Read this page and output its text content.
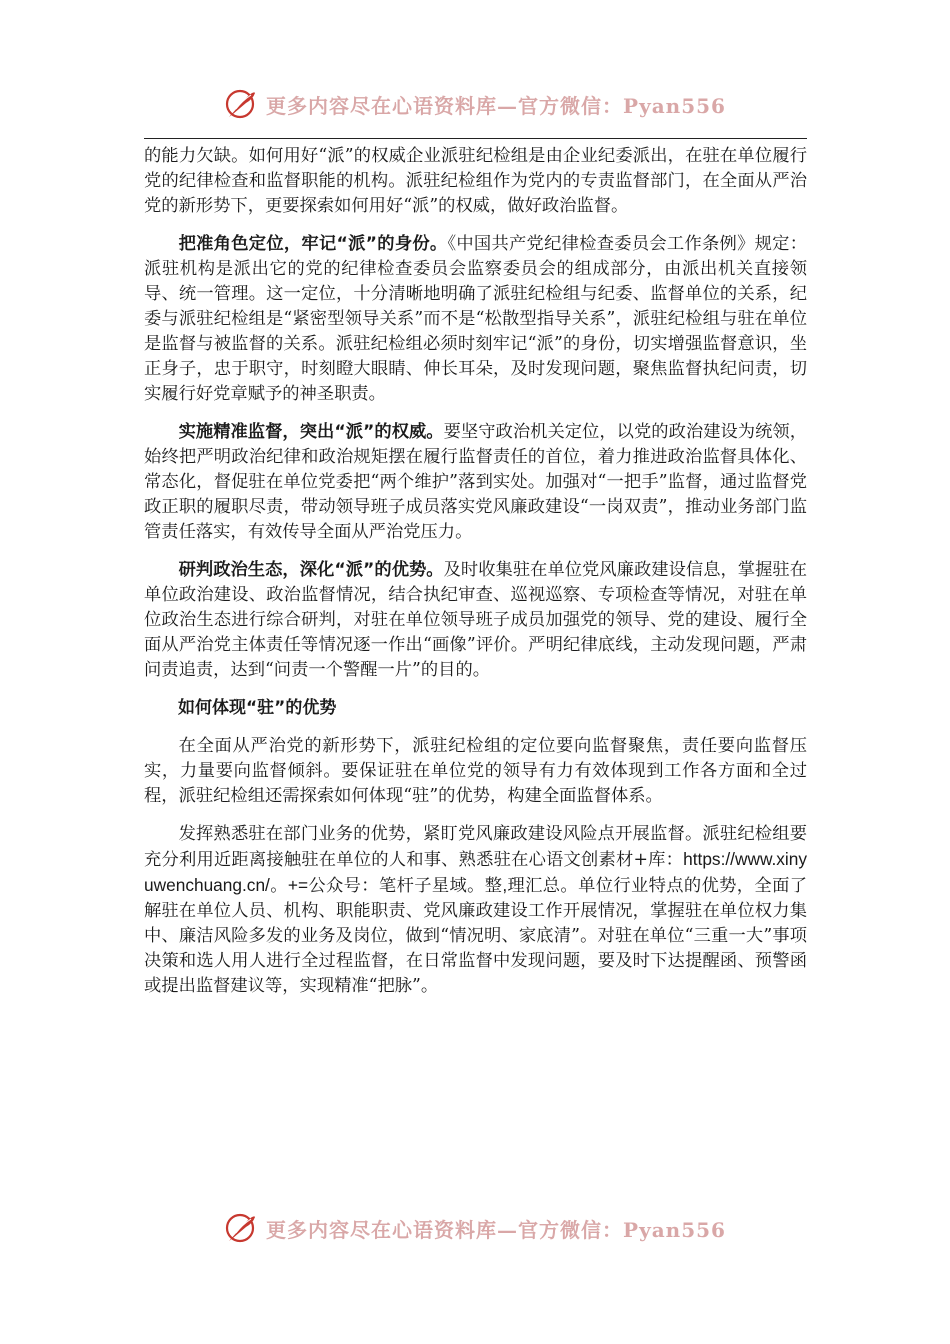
更多内容尽在心语资料库—官方微信：Pyan556

的能力欠缺。如何用好“派”的权威企业派驻纪检组是由企业纪委派出，在驻在单位履行党的纪律检查和监督职能的机构。派驻纪检组作为党内的专责监督部门，在全面从严治党的新形势下，更要探索如何用好“派”的权威，做好政治监督。

把准角色定位，牢记“派”的身份。《中国共产党纪律检查委员会工作条例》规定：派驻机构是派出它的党的纪律检查委员会监察委员会的组成部分，由派出机关直接领导、统一管理。这一定位，十分清晰地明确了派驻纪检组与纪委、监督单位的关系，纪委与派驻纪检组是“紧密型领导关系”而不是“松散型指导关系”，派驻纪检组与驻在单位是监督与被监督的关系。派驻纪检组必须时刻牢记“派”的身份，切实增强监督意识，坐正身子，忠于职守，时刻瞪大眼睛、伸长耳朵，及时发现问题，聚焦监督执纪问责，切实履行好党章赋予的神圣职责。

实施精准监督，突出“派”的权威。要坚守政治机关定位，以党的政治建设为统领，始终把严明政治纪律和政治规矩摆在履行监督责任的首位，着力推进政治监督具体化、常态化，督促驻在单位党委把“两个维护”落到实处。加强对“一把手”监督，通过监督党政正职的履职尽责，带动领导班子成员落实党风廉政建设“一岗双责”，推动业务部门监管责任落实，有效传导全面从严治党压力。

研判政治生态，深化“派”的优势。及时收集驻在单位党风廉政建设信息，掌握驻在单位政治建设、政治监督情况，结合执纪审查、巡视巡察、专项检查等情况，对驻在单位政治生态进行综合研判，对驻在单位领导班子成员加强党的领导、党的建设、履行全面从严治党主体责任等情况逐一作出“画像”评价。严明纪律底线，主动发现问题，严肃问责追责，达到“问责一个警醒一片”的目的。

如何体现“驻”的优势

在全面从严治党的新形势下，派驻纪检组的定位要向监督聚焦，责任要向监督压实，力量要向监督倾斜。要保证驻在单位党的领导有力有效体现到工作各方面和全过程，派驻纪检组还需探索如何体现“驻”的优势，构建全面监督体系。

发挥熟悉驻在部门业务的优势，紧盯党风廉政建设风险点开展监督。派驻纪检组要充分利用近距离接触驻在单位的人和事、熟悉驻在心语文创素材+库：https://www.xinyuwenchuang.cn/。+=公众号：笔杆子星域。整,理汇总。单位行业特点的优势，全面了解驻在单位人员、机构、职能职责、党风廉政建设工作开展情况，掌握驻在单位权力集中、廉洁风险多发的业务及岗位，做到“情况明、家底清”。对驻在单位“三重一大”事项决策和选人用人进行全过程监督，在日常监督中发现问题，要及时下达提醒函、预警函或提出监督建议等，实现精准“把脉”。

更多内容尽在心语资料库—官方微信：Pyan556
